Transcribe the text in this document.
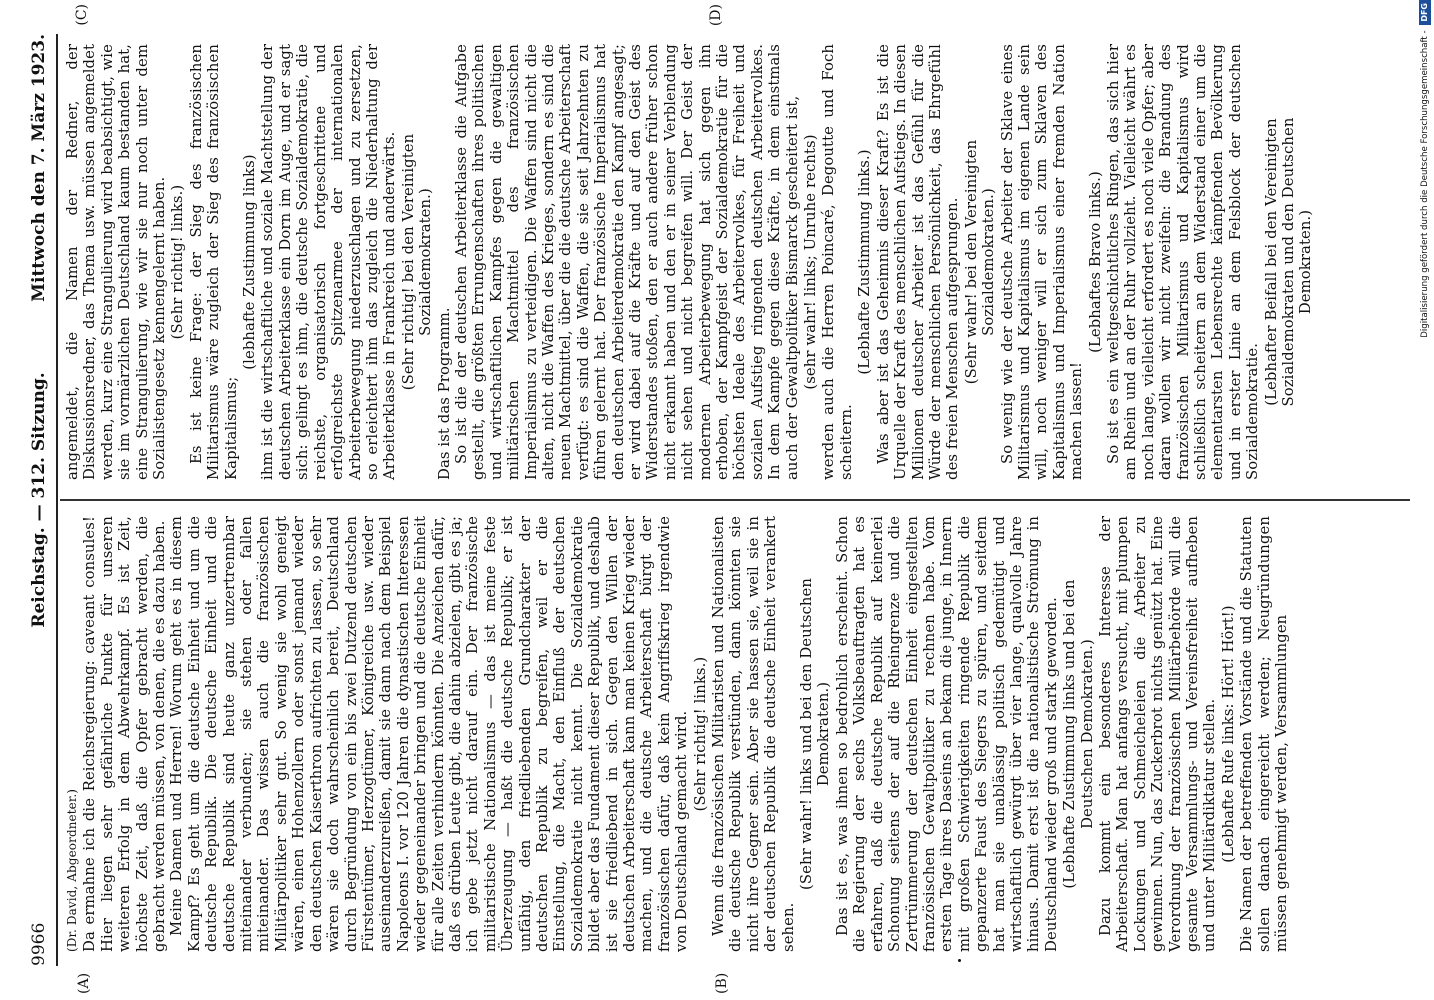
9966
Reichstag. — 312. Sitzung.
Mittwoch den 7. März 1923.
(A)	(B)
(C)	(D)

(Dr. David, Abgeordneter.) Da ermahne ich die Reichsregierung: caveant consules! Hier liegen sehr gefährliche Punkte für unseren weiteren Erfolg in dem Abwehrkampf. Es ist Zeit, höchste Zeit, daß die Opfer gebracht werden, die gebracht werden müssen, von denen, die es dazu haben. Meine Damen und Herren! Worum geht es in diesem Kampf? Es geht um die deutsche Einheit und um die deutsche Republik. Die deutsche Einheit und die deutsche Republik sind heute ganz unzertrennbar miteinander verbunden; sie stehen oder fallen miteinander. Das wissen auch die französischen Militärpolitiker sehr gut. So wenig sie wohl geneigt wären, einen Hohenzollern oder sonst jemand wieder den deutschen Kaiserthron aufrichten zu lassen, so sehr wären sie doch wahrscheinlich bereit, Deutschland durch Begründung von ein bis zwei Dutzend deutschen Fürstentümer, Herzogtümer, Königreiche usw. wieder auseinanderzureißen, damit sie dann nach dem Beispiel Napoleons I. vor 120 Jahren die dynastischen Interessen wieder gegeneinander bringen und die deutsche Einheit für alle Zeiten verhindern könnten. Die Anzeichen dafür, daß es drüben Leute gibt, die dahin abzielen, gibt es ja; ich gebe jetzt nicht darauf ein. Der französische militaristische Nationalismus — das ist meine feste Überzeugung — haßt die deutsche Republik; er ist unfähig, den friedliebenden Grundcharakter der deutschen Republik zu begreifen, weil er die Einstellung, die Macht, den Einfluß der deutschen Sozialdemokratie nicht kennt. Die Sozialdemokratie bildet aber das Fundament dieser Republik, und deshalb ist sie friedliebend in sich. Gegen den Willen der deutschen Arbeiterschaft kann man keinen Krieg wieder machen, und die deutsche Arbeiterschaft bürgt der französischen dafür, daß kein Angriffskrieg irgendwie von Deutschland gemacht wird. (Sehr richtig! links.) Wenn die französischen Militaristen und Nationalisten die deutsche Republik verstünden, dann könnten sie nicht ihre Gegner sein. Aber sie hassen sie, weil sie in der deutschen Republik die deutsche Einheit verankert sehen.

(Sehr wahr! links und bei den Deutschen Demokraten.) Das ist es, was ihnen so bedrohlich erscheint. Schon die Regierung der sechs Volksbeauftragten hat es erfahren, daß die deutsche Republik auf keinerlei Schonung seitens der auf die Rheingrenze und die Zertrümmerung der deutschen Einheit eingestellten französischen Gewaltpolitiker zu rechnen habe. Vom ersten Tage ihres Daseins an bekam die junge, in Innern mit großen Schwierigkeiten ringende Republik die gepanzerte Faust des Siegers zu spüren, und seitdem hat man sie unablässig politisch gedemütigt und wirtschaftlich gewürgt über vier lange, qualvolle Jahre hinaus. Damit erst ist die nationalistische Strömung in Deutschland wieder groß und stark geworden. (Lebhafte Zustimmung links und bei den Deutschen Demokraten.) Dazu kommt ein besonderes Interesse der Arbeiterschaft. Man hat anfangs versucht, mit plumpen Lockungen und Schmeicheleien die Arbeiter zu gewinnen. Nun, das Zuckerbrot nichts genützt hat. Eine Verordnung der französischen Militärbehörde will die gesamte Versammlungs- und Vereinsfreiheit aufheben und unter Militärdiktatur stellen. (Lebhafte Rufe links: Hört! Hört!) Die Namen der betreffenden Vorstände und die Statuten sollen danach eingereicht werden; Neugründungen müssen genehmigt werden, Versammlungen

angemeldet, die Namen der Redner, der Diskussionsredner, das Thema usw. müssen angemeldet werden, kurz eine Strangulierung wird beabsichtigt, wie sie im vormärzlichen Deutschland kaum bestanden hat, eine Strangulierung, wie wir sie nur noch unter dem Sozialistengesetz kennengelernt haben. (Sehr richtig! links.) Es ist keine Frage: der Sieg des französischen Militarismus wäre zugleich der Sieg des französischen Kapitalismus;

(lebhafte Zustimmung links) ihm ist die wirtschaftliche und soziale Machtstellung der deutschen Arbeiterklasse ein Dorn im Auge, und er sagt sich: gelingt es ihm, die deutsche Sozialdemokratie, die reichste, organisatorisch fortgeschrittene und erfolgreichste Spitzenarmee der internationalen Arbeiterbewegung niederzuschlagen und zu zersetzen, so erleichtert ihm das zugleich die Niederhaltung der Arbeiterklasse in Frankreich und anderwärts. (Sehr richtig! bei den Vereinigten Sozialdemokraten.)

Das ist das Programm. So ist die der deutschen Arbeiterklasse die Aufgabe gestellt, die größten Errungenschaften ihres politischen und wirtschaftlichen Kampfes gegen die gewaltigen militärischen Machtmittel des französischen Imperialismus zu verteidigen. Die Waffen sind nicht die alten, nicht die Waffen des Krieges, sondern es sind die neuen Machtmittel, über die die deutsche Arbeiterschaft verfügt: es sind die Waffen, die sie seit Jahrzehnten zu führen gelernt hat. Der französische Imperialismus hat den deutschen Arbeiterdemokratie den Kampf angesagt; er wird dabei auf die Kräfte und auf den Geist des Widerstandes stoßen, den er auch andere früher schon nicht erkannt haben und den er in seiner Verblendung nicht sehen und nicht begreifen will. Der Geist der modernen Arbeiterbewegung hat sich gegen ihn erhoben, der Kampfgeist der Sozialdemokratie für die höchsten Ideale des Arbeitervolkes, für Freiheit und sozialen Aufstieg ringenden deutschen Arbeitervolkes. In dem Kampfe gegen diese Kräfte, in dem einstmals auch der Gewaltpolitiker Bismarck gescheitert ist, (sehr wahr! links; Unruhe rechts) werden auch die Herren Poincaré, Degoutte und Foch scheitern.

(Lebhafte Zustimmung links.) Was aber ist das Geheimnis dieser Kraft? Es ist die Urquelle der Kraft des menschlichen Aufstiegs. In diesen Millionen deutscher Arbeiter ist das Gefühl für die Würde der menschlichen Persönlichkeit, das Ehrgefühl des freien Menschen aufgesprungen. (Sehr wahr! bei den Vereinigten Sozialdemokraten.) So wenig wie der deutsche Arbeiter der Sklave eines Militarismus und Kapitalismus im eigenen Lande sein will, noch weniger will er sich zum Sklaven des Kapitalismus und Imperialismus einer fremden Nation machen lassen!

(Lebhaftes Bravo links.) So ist es ein weltgeschichtliches Ringen, das sich hier am Rhein und an der Ruhr vollzieht. Vielleicht währt es noch lange, vielleicht erfordert es noch viele Opfer; aber daran wollen wir nicht zweifeln: die Brandung des französischen Militarismus und Kapitalismus wird schließlich scheitern an dem Widerstand einer um die elementarsten Lebensrechte kämpfenden Bevölkerung und in erster Linie an dem Felsblock der deutschen Sozialdemokratie.

(Lebhafter Beifall bei den Vereinigten Sozialdemokraten und den Deutschen Demokraten.)	Digitalisierung gefördert durch die Deutsche Forschungsgemeinschaft - DFG
